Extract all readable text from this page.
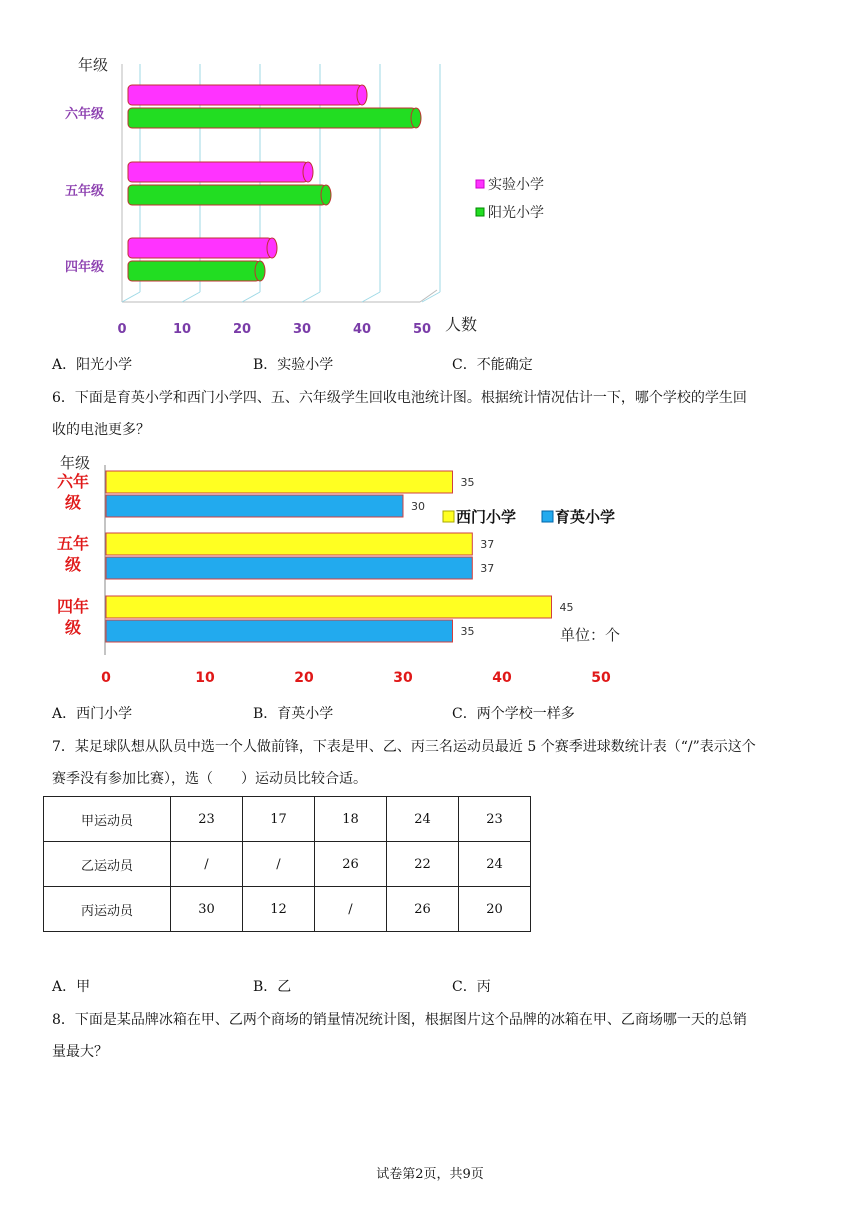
年级
六年级
五年级
四年级
0	10	20	30	40	50 人数
实验小学
阳光小学
A．阳光小学	B．实验小学	C．不能确定
6．下面是育英小学和西门小学四、五、六年级学生回收电池统计图。根据统计情况估计一下，哪个学校的学生回
收的电池更多？
年级
六年
级
五年
级
四年
级
35
30
37
37
45
35
0	10	20	30	40	50
西门小学	育英小学
单位：个
A．西门小学	B．育英小学	C．两个学校一样多
7．某足球队想从队员中选一个人做前锋，下表是甲、乙、丙三名运动员最近 5 个赛季进球数统计表（“/”表示这个
赛季没有参加比赛），选（　　）运动员比较合适。
甲运动员	23	17	18	24	23
乙运动员	/	/	26	22	24
丙运动员	30	12	/	26	20
A．甲	B．乙	C．丙
8．下面是某品牌冰箱在甲、乙两个商场的销量情况统计图，根据图片这个品牌的冰箱在甲、乙商场哪一天的总销
量最大？
试卷第2页，共9页
